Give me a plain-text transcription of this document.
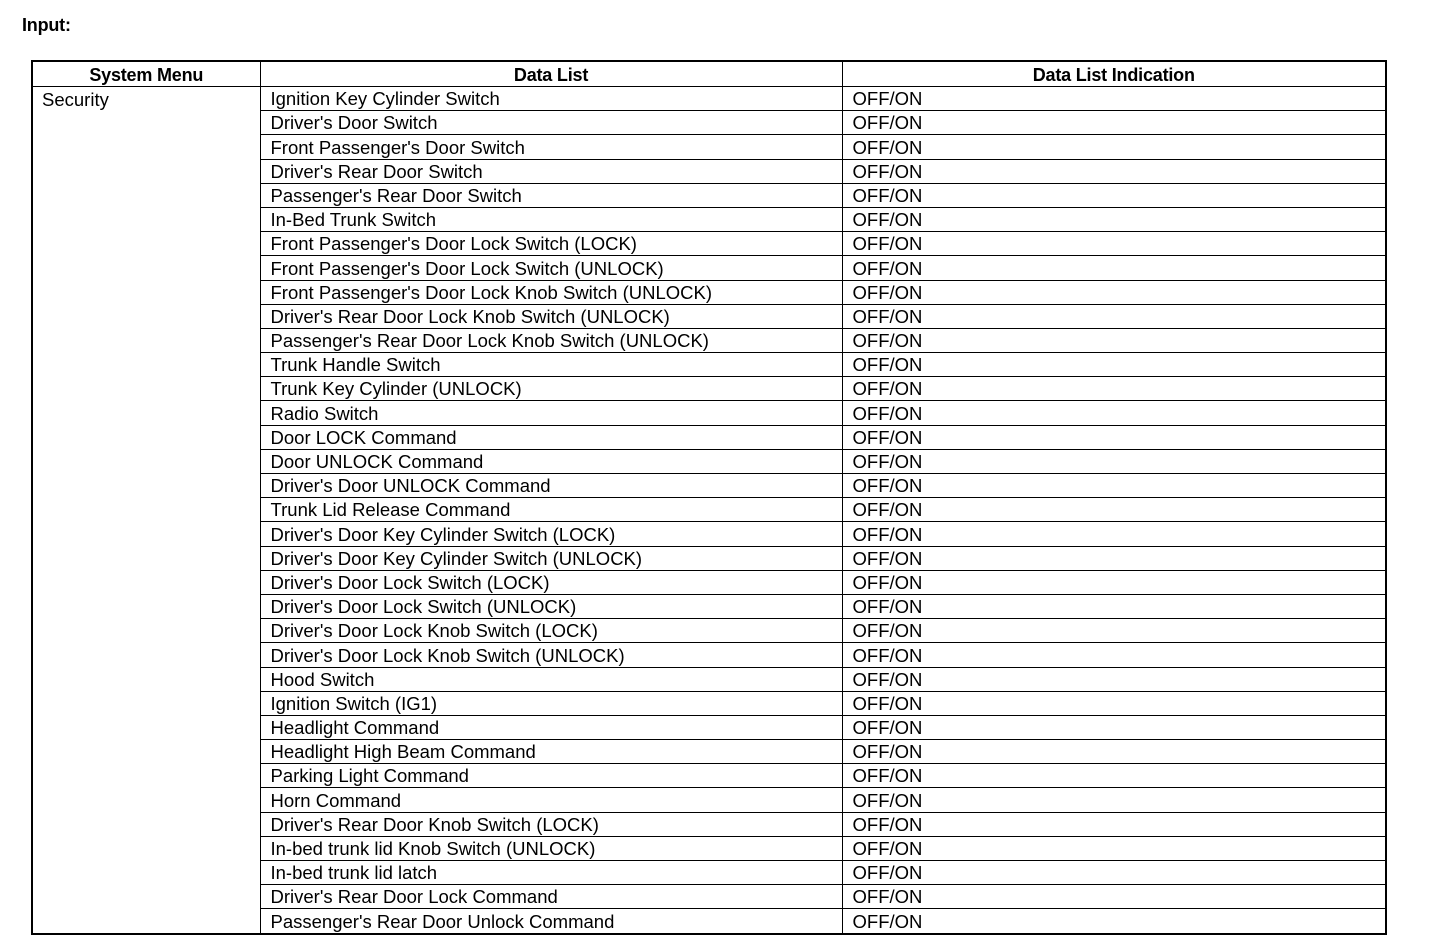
Input:
System Menu	Data List	Data List Indication
Security	Ignition Key Cylinder Switch	OFF/ON
	Driver's Door Switch	OFF/ON
	Front Passenger's Door Switch	OFF/ON
	Driver's Rear Door Switch	OFF/ON
	Passenger's Rear Door Switch	OFF/ON
	In-Bed Trunk Switch	OFF/ON
	Front Passenger's Door Lock Switch (LOCK)	OFF/ON
	Front Passenger's Door Lock Switch (UNLOCK)	OFF/ON
	Front Passenger's Door Lock Knob Switch (UNLOCK)	OFF/ON
	Driver's Rear Door Lock Knob Switch (UNLOCK)	OFF/ON
	Passenger's Rear Door Lock Knob Switch (UNLOCK)	OFF/ON
	Trunk Handle Switch	OFF/ON
	Trunk Key Cylinder (UNLOCK)	OFF/ON
	Radio Switch	OFF/ON
	Door LOCK Command	OFF/ON
	Door UNLOCK Command	OFF/ON
	Driver's Door UNLOCK Command	OFF/ON
	Trunk Lid Release Command	OFF/ON
	Driver's Door Key Cylinder Switch (LOCK)	OFF/ON
	Driver's Door Key Cylinder Switch (UNLOCK)	OFF/ON
	Driver's Door Lock Switch (LOCK)	OFF/ON
	Driver's Door Lock Switch (UNLOCK)	OFF/ON
	Driver's Door Lock Knob Switch (LOCK)	OFF/ON
	Driver's Door Lock Knob Switch (UNLOCK)	OFF/ON
	Hood Switch	OFF/ON
	Ignition Switch (IG1)	OFF/ON
	Headlight Command	OFF/ON
	Headlight High Beam Command	OFF/ON
	Parking Light Command	OFF/ON
	Horn Command	OFF/ON
	Driver's Rear Door Knob Switch (LOCK)	OFF/ON
	In-bed trunk lid Knob Switch (UNLOCK)	OFF/ON
	In-bed trunk lid latch	OFF/ON
	Driver's Rear Door Lock Command	OFF/ON
	Passenger's Rear Door Unlock Command	OFF/ON
